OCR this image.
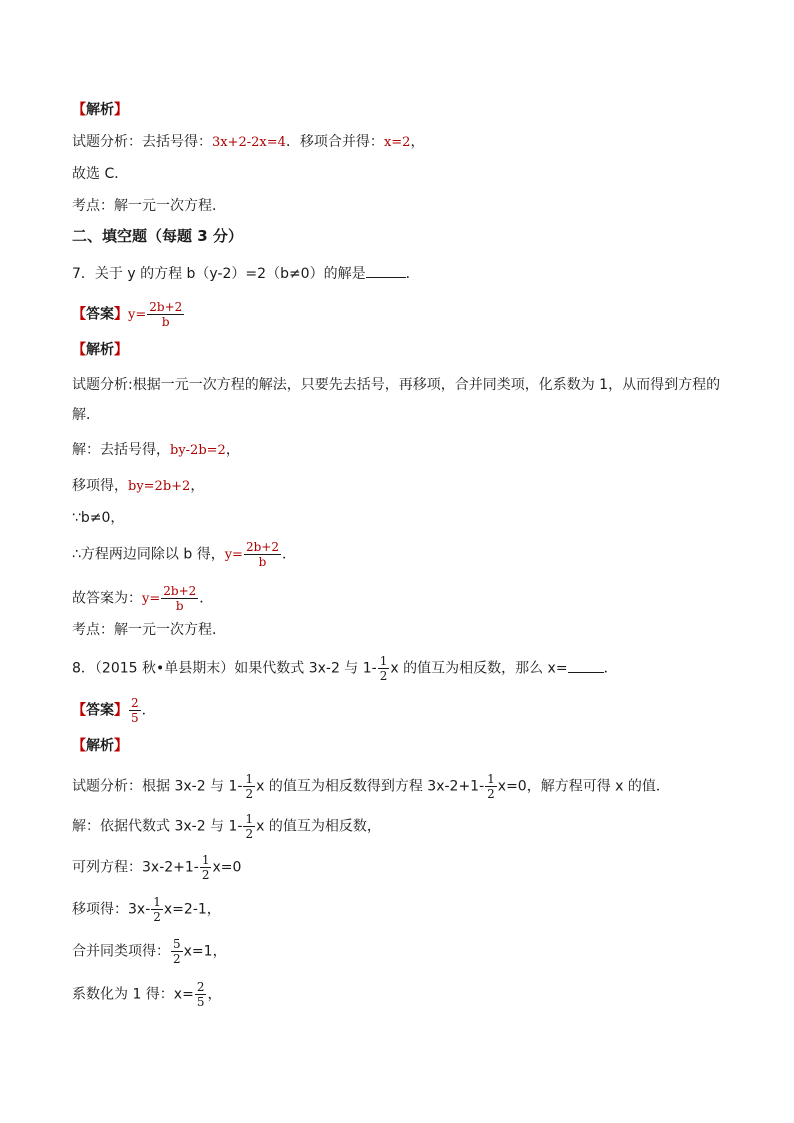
【解析】
试题分析：去括号得：3x+2-2x=4．移项合并得：x=2，
故选 C．
考点：解一元一次方程．
二、填空题（每题 3 分）
7．关于 y 的方程 b（y-2）=2（b≠0）的解是	．
【答案】$y= \frac{2b+2}{b}$
【解析】
试题分析:根据一元一次方程的解法，只要先去括号，再移项，合并同类项，化系数为 1，从而得到方程的解．
解：去括号得，by-2b=2，
移项得，by=2b+2，
∵b≠0，
∴方程两边同除以 b 得，$y= \frac{2b+2}{b}$ ．
故答案为：$y= \frac{2b+2}{b}$ ．
考点：解一元一次方程．
8．（2015 秋•单县期末）如果代数式 3x-2 与 $1- \frac{1}{2}$ x 的值互为相反数，那么 x=	．
【答案】 $\frac{2}{5}$ ．
【解析】
试题分析：根据 3x-2 与 $1- \frac{1}{2}$ x 的值互为相反数得到方程 $3x-2+1- \frac{1}{2} x=0$，解方程可得 x 的值．
解：依据代数式 3x-2 与 $1- \frac{1}{2}$ x 的值互为相反数，
可列方程：$3x-2+1- \frac{1}{2} x=0$
移项得：$3x- \frac{1}{2} x=2-1$，
合并同类项得： $\frac{5}{2} x=1$，
系数化为 1 得：$x= \frac{2}{5}$ ，
